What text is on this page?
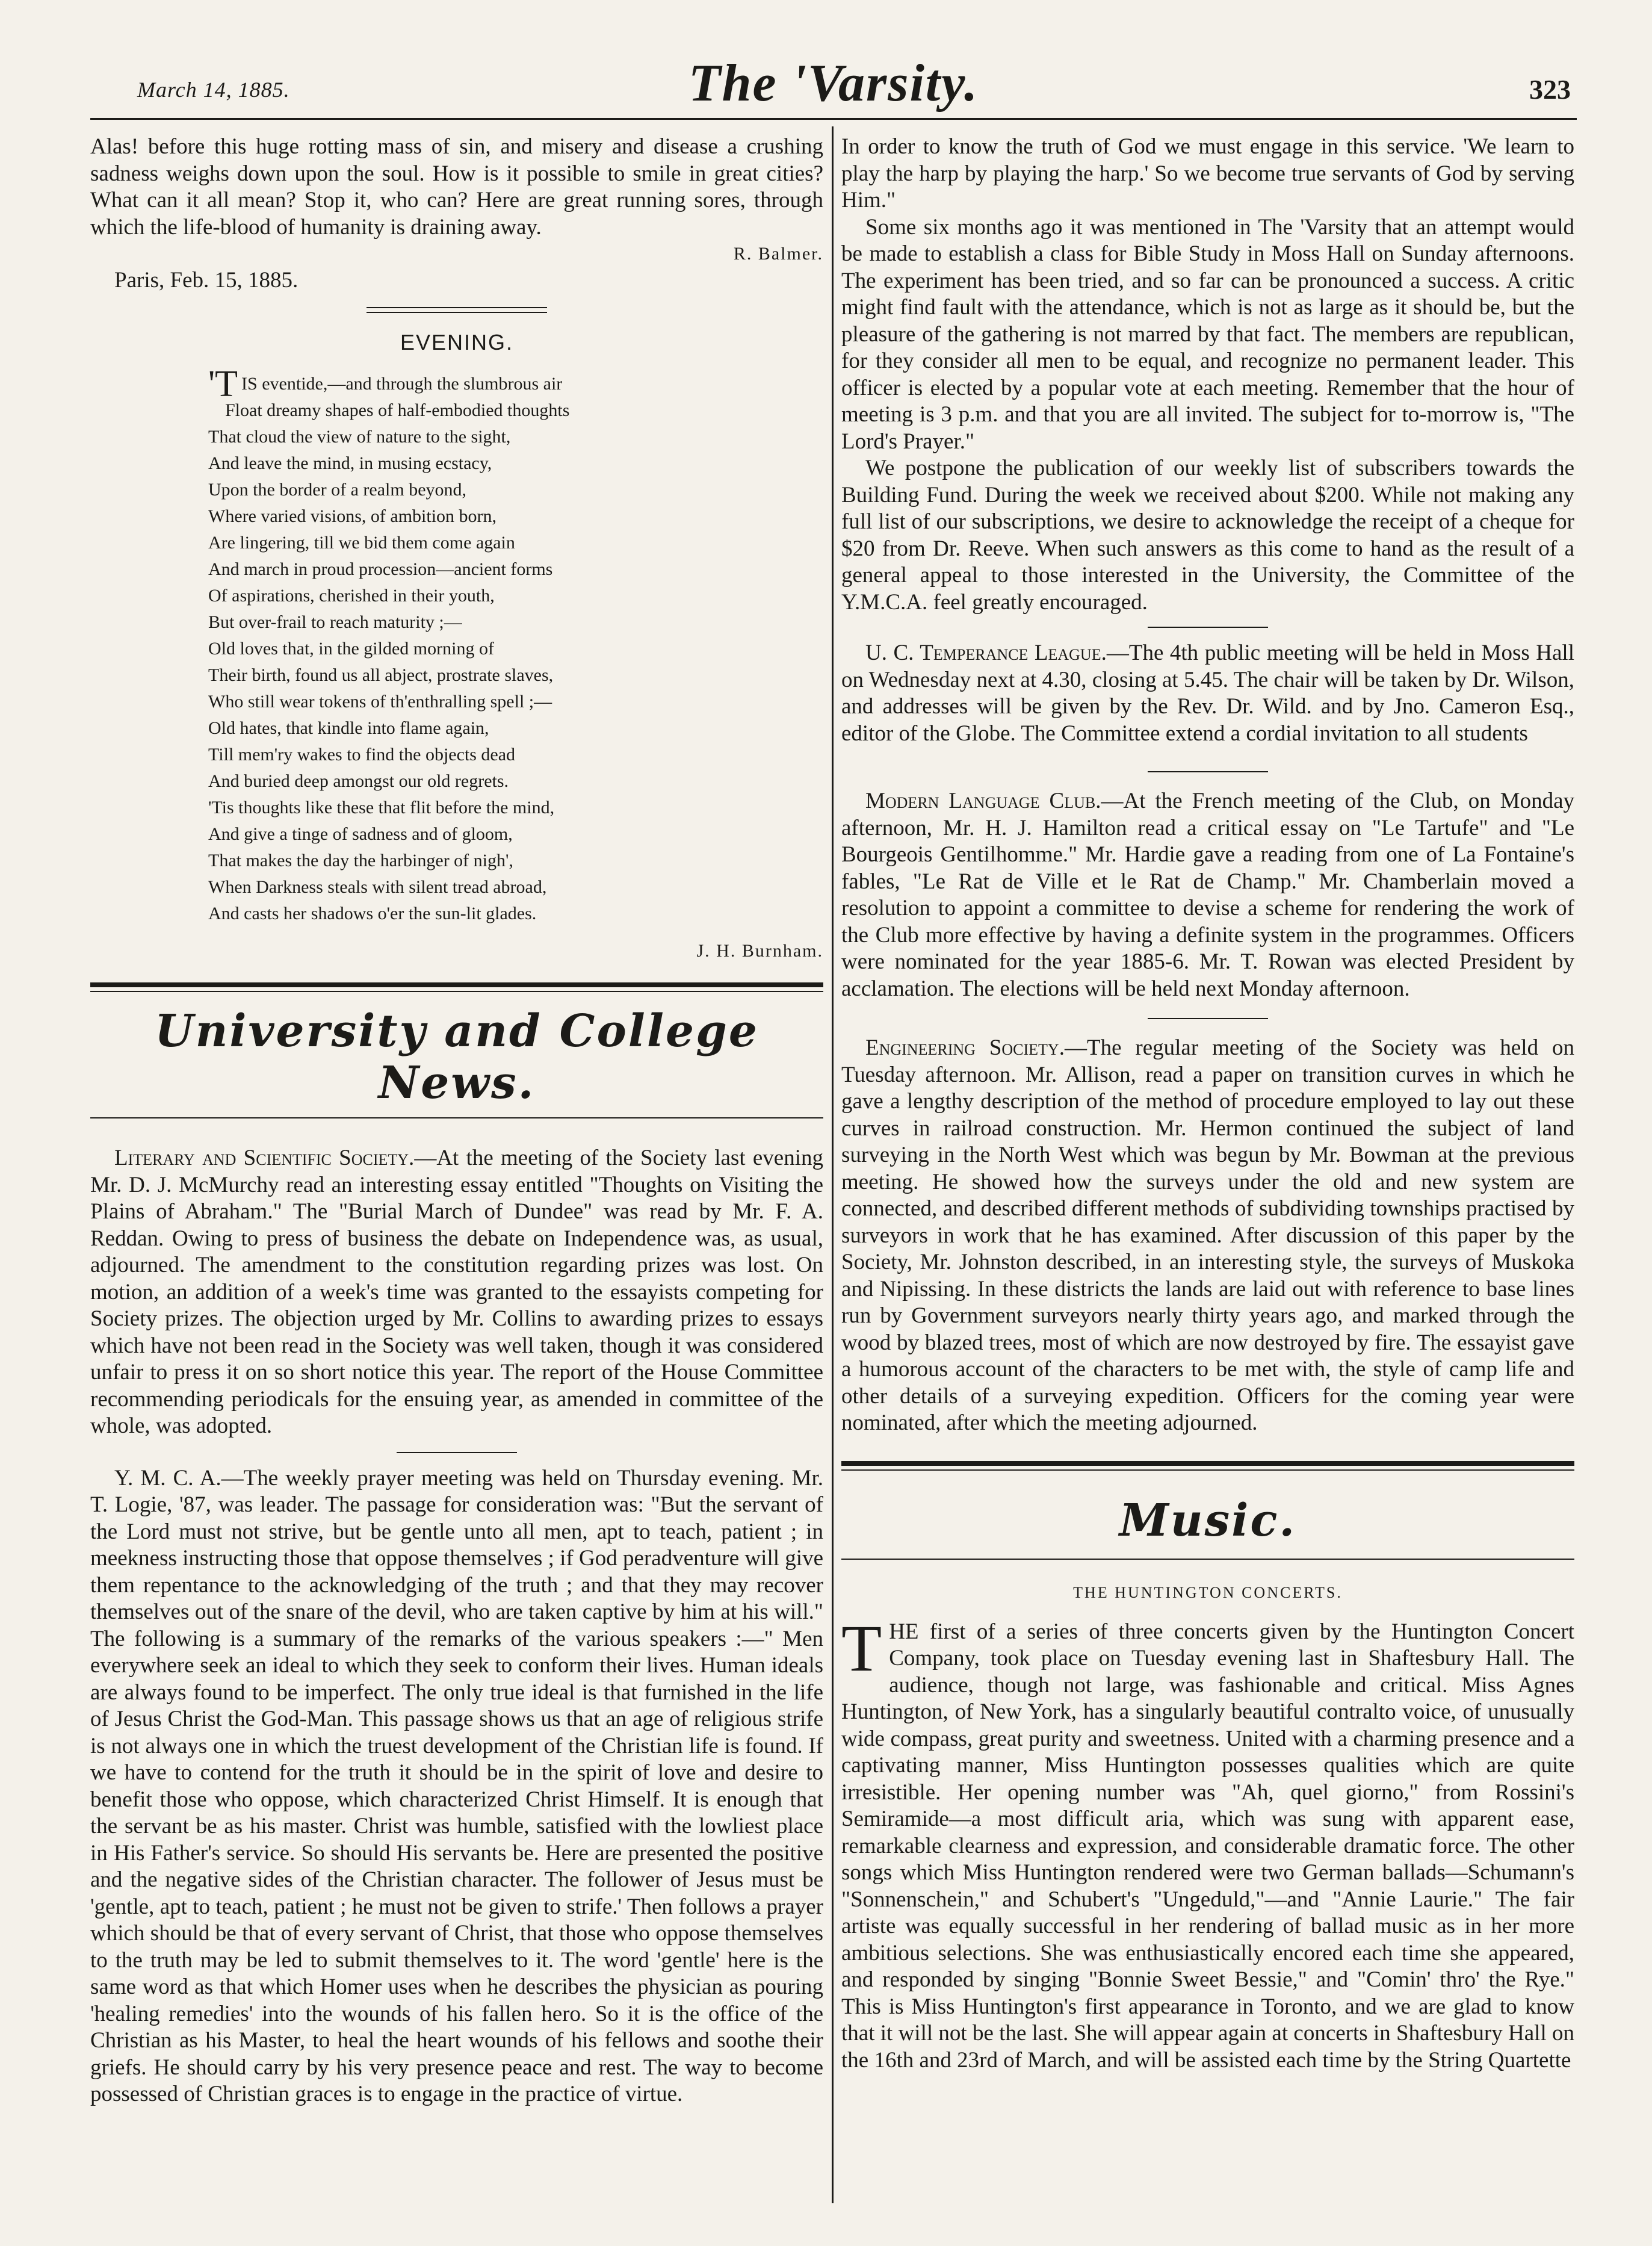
March 14, 1885.	The 'Varsity.	323

Alas! before this huge rotting mass of sin, and misery and disease a crushing sadness weighs down upon the soul. How is it possible to smile in great cities? What can it all mean? Stop it, who can? Here are great running sores, through which the life-blood of humanity is draining away.

R. Balmer.
Paris, Feb. 15, 1885.
EVENING.
'TIS eventide,—and through the slumbrous air
Float dreamy shapes of half-embodied thoughts
That cloud the view of nature to the sight,
And leave the mind, in musing ecstacy,
Upon the border of a realm beyond,
Where varied visions, of ambition born,
Are lingering, till we bid them come again
And march in proud procession—ancient forms
Of aspirations, cherished in their youth,
But over-frail to reach maturity ;—
Old loves that, in the gilded morning of
Their birth, found us all abject, prostrate slaves,
Who still wear tokens of th'enthralling spell ;—
Old hates, that kindle into flame again,
Till mem'ry wakes to find the objects dead
And buried deep amongst our old regrets.
'Tis thoughts like these that flit before the mind,
And give a tinge of sadness and of gloom,
That makes the day the harbinger of nigh',
When Darkness steals with silent tread abroad,
And casts her shadows o'er the sun-lit glades.
J. H. Burnham.
University and College News.

Literary and Scientific Society.—At the meeting of the Society last evening Mr. D. J. McMurchy read an interesting essay entitled "Thoughts on Visiting the Plains of Abraham." The "Burial March of Dundee" was read by Mr. F. A. Reddan. Owing to press of business the debate on Independence was, as usual, adjourned. The amendment to the constitution regarding prizes was lost. On motion, an addition of a week's time was granted to the essayists competing for Society prizes. The objection urged by Mr. Collins to awarding prizes to essays which have not been read in the Society was well taken, though it was considered unfair to press it on so short notice this year. The report of the House Committee recommending periodicals for the ensuing year, as amended in committee of the whole, was adopted.

Y. M. C. A.—The weekly prayer meeting was held on Thursday evening. Mr. T. Logie, '87, was leader. The passage for consideration was: "But the servant of the Lord must not strive, but be gentle unto all men, apt to teach, patient ; in meekness instructing those that oppose themselves ; if God peradventure will give them repentance to the acknowledging of the truth ; and that they may recover themselves out of the snare of the devil, who are taken captive by him at his will." The following is a summary of the remarks of the various speakers :—" Men everywhere seek an ideal to which they seek to conform their lives. Human ideals are always found to be imperfect. The only true ideal is that furnished in the life of Jesus Christ the God-Man. This passage shows us that an age of religious strife is not always one in which the truest development of the Christian life is found. If we have to contend for the truth it should be in the spirit of love and desire to benefit those who oppose, which characterized Christ Himself. It is enough that the servant be as his master. Christ was humble, satisfied with the lowliest place in His Father's service. So should His servants be. Here are presented the positive and the negative sides of the Christian character. The follower of Jesus must be 'gentle, apt to teach, patient ; he must not be given to strife.' Then follows a prayer which should be that of every servant of Christ, that those who oppose themselves to the truth may be led to submit themselves to it. The word 'gentle' here is the same word as that which Homer uses when he describes the physician as pouring 'healing remedies' into the wounds of his fallen hero. So it is the office of the Christian as his Master, to heal the heart wounds of his fellows and soothe their griefs. He should carry by his very presence peace and rest. The way to become possessed of Christian graces is to engage in the practice of virtue.

In order to know the truth of God we must engage in this service. 'We learn to play the harp by playing the harp.' So we become true servants of God by serving Him."

Some six months ago it was mentioned in The 'Varsity that an attempt would be made to establish a class for Bible Study in Moss Hall on Sunday afternoons. The experiment has been tried, and so far can be pronounced a success. A critic might find fault with the attendance, which is not as large as it should be, but the pleasure of the gathering is not marred by that fact. The members are republican, for they consider all men to be equal, and recognize no permanent leader. This officer is elected by a popular vote at each meeting. Remember that the hour of meeting is 3 p.m. and that you are all invited. The subject for to-morrow is, "The Lord's Prayer."

We postpone the publication of our weekly list of subscribers towards the Building Fund. During the week we received about $200. While not making any full list of our subscriptions, we desire to acknowledge the receipt of a cheque for $20 from Dr. Reeve. When such answers as this come to hand as the result of a general appeal to those interested in the University, the Committee of the Y.M.C.A. feel greatly encouraged.

U. C. Temperance League.—The 4th public meeting will be held in Moss Hall on Wednesday next at 4.30, closing at 5.45. The chair will be taken by Dr. Wilson, and addresses will be given by the Rev. Dr. Wild. and by Jno. Cameron Esq., editor of the Globe. The Committee extend a cordial invitation to all students

Modern Language Club.—At the French meeting of the Club, on Monday afternoon, Mr. H. J. Hamilton read a critical essay on "Le Tartufe" and "Le Bourgeois Gentilhomme." Mr. Hardie gave a reading from one of La Fontaine's fables, "Le Rat de Ville et le Rat de Champ." Mr. Chamberlain moved a resolution to appoint a committee to devise a scheme for rendering the work of the Club more effective by having a definite system in the programmes. Officers were nominated for the year 1885-6. Mr. T. Rowan was elected President by acclamation. The elections will be held next Monday afternoon.

Engineering Society.—The regular meeting of the Society was held on Tuesday afternoon. Mr. Allison, read a paper on transition curves in which he gave a lengthy description of the method of procedure employed to lay out these curves in railroad construction. Mr. Hermon continued the subject of land surveying in the North West which was begun by Mr. Bowman at the previous meeting. He showed how the surveys under the old and new system are connected, and described different methods of subdividing townships practised by surveyors in work that he has examined. After discussion of this paper by the Society, Mr. Johnston described, in an interesting style, the surveys of Muskoka and Nipissing. In these districts the lands are laid out with reference to base lines run by Government surveyors nearly thirty years ago, and marked through the wood by blazed trees, most of which are now destroyed by fire. The essayist gave a humorous account of the characters to be met with, the style of camp life and other details of a surveying expedition. Officers for the coming year were nominated, after which the meeting adjourned.

Music.
THE HUNTINGTON CONCERTS.

THE first of a series of three concerts given by the Huntington Concert Company, took place on Tuesday evening last in Shaftesbury Hall. The audience, though not large, was fashionable and critical. Miss Agnes Huntington, of New York, has a singularly beautiful contralto voice, of unusually wide compass, great purity and sweetness. United with a charming presence and a captivating manner, Miss Huntington possesses qualities which are quite irresistible. Her opening number was "Ah, quel giorno," from Rossini's Semiramide—a most difficult aria, which was sung with apparent ease, remarkable clearness and expression, and considerable dramatic force. The other songs which Miss Huntington rendered were two German ballads—Schumann's "Sonnenschein," and Schubert's "Ungeduld,"—and "Annie Laurie." The fair artiste was equally successful in her rendering of ballad music as in her more ambitious selections. She was enthusiastically encored each time she appeared, and responded by singing "Bonnie Sweet Bessie," and "Comin' thro' the Rye." This is Miss Huntington's first appearance in Toronto, and we are glad to know that it will not be the last. She will appear again at concerts in Shaftesbury Hall on the 16th and 23rd of March, and will be assisted each time by the String Quartette
